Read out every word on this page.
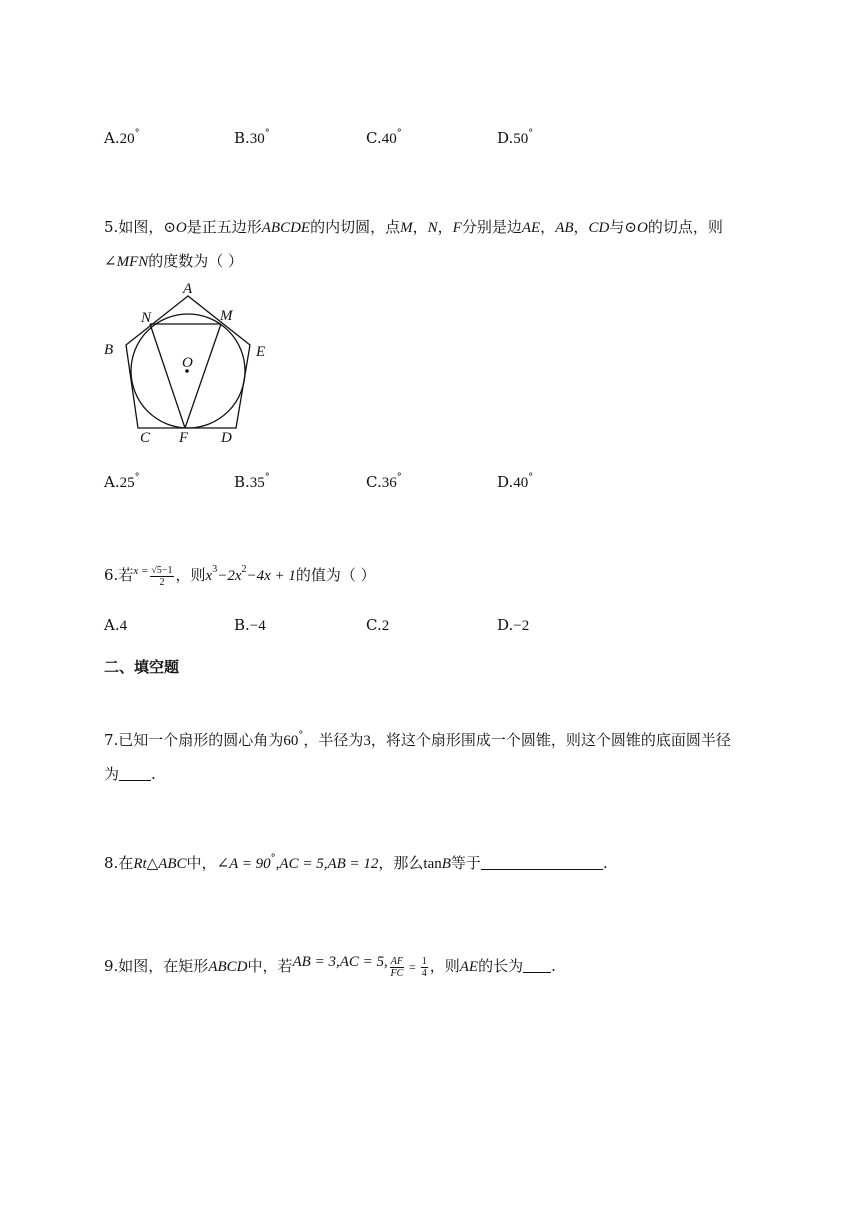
A.20°	B.30°	C.40°	D.50°
5.如图，⊙O是正五边形ABCDE的内切圆，点M，N，F分别是边AE，AB，CD与⊙O的切点，则
∠MFN的度数为（ ）
A
N	M
B	E
O
C F D
A.25°	B.35°	C.36°	D.40°
6.若$^{x =} \frac{√5-1}{2}$ ，则$x^3-2x^2-4x + 1$的值为（ ）
A.4	B.−4	C.2	D.−2
二、填空题
7.已知一个扇形的圆心角为60°，半径为3，将这个扇形围成一个圆锥，则这个圆锥的底面圆半径
为 .
8.在Rt△ABC中，∠A = 90°,AC = 5,AB = 12，那么tanB等于	.
9.如图，在矩形ABCD中，若AB = 3,AC = 5, $\frac{AF}{FC} = \frac{1}{4}$ ，则AE的长为 .
